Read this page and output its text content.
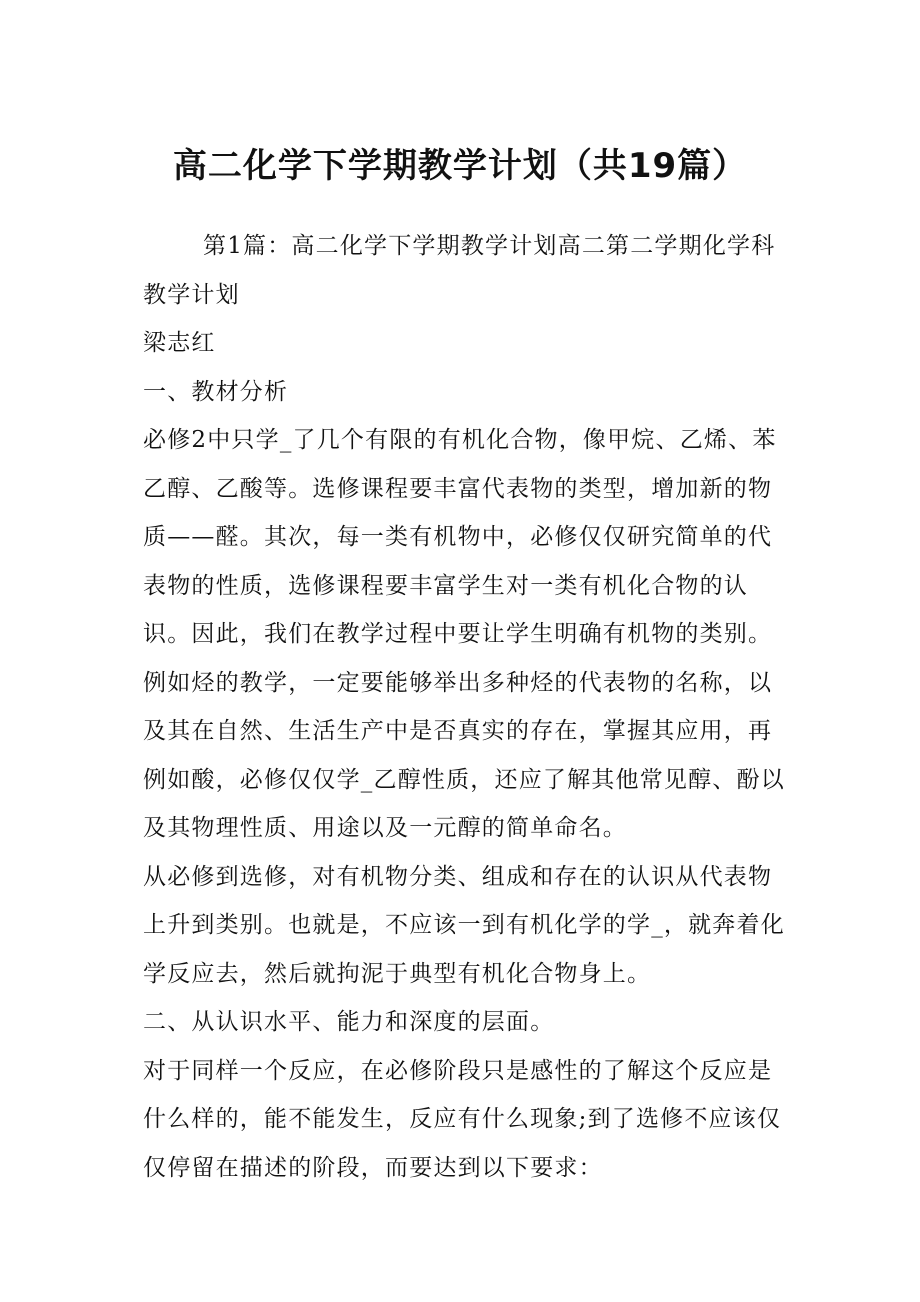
高二化学下学期教学计划（共19篇）

第1篇：高二化学下学期教学计划高二第二学期化学科教学计划

梁志红

一、教材分析

必修2中只学_了几个有限的有机化合物，像甲烷、乙烯、苯乙醇、乙酸等。选修课程要丰富代表物的类型，增加新的物质——醛。其次，每一类有机物中，必修仅仅研究简单的代表物的性质，选修课程要丰富学生对一类有机化合物的认识。因此，我们在教学过程中要让学生明确有机物的类别。例如烃的教学，一定要能够举出多种烃的代表物的名称，以及其在自然、生活生产中是否真实的存在，掌握其应用，再例如酸，必修仅仅学_乙醇性质，还应了解其他常见醇、酚以及其物理性质、用途以及一元醇的简单命名。

从必修到选修，对有机物分类、组成和存在的认识从代表物上升到类别。也就是，不应该一到有机化学的学_，就奔着化学反应去，然后就拘泥于典型有机化合物身上。

二、从认识水平、能力和深度的层面。

对于同样一个反应，在必修阶段只是感性的了解这个反应是什么样的，能不能发生，反应有什么现象;到了选修不应该仅仅停留在描述的阶段，而要达到以下要求：
